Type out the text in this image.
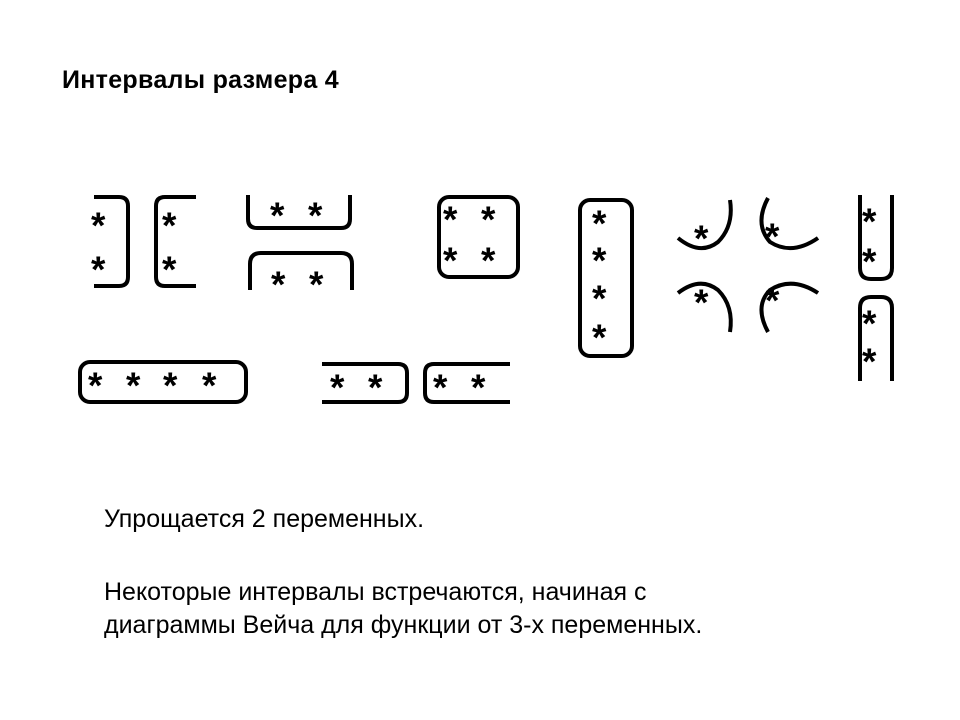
Интервалы размера 4
*
*
*
*
* *
* *
* *
* *
*
*
*
*
* *
* *
*
*
*
*
* * * *	* * * *
Упрощается 2 переменных.
Некоторые интервалы встречаются, начиная с
диаграммы Вейча для функции от 3-х переменных.
